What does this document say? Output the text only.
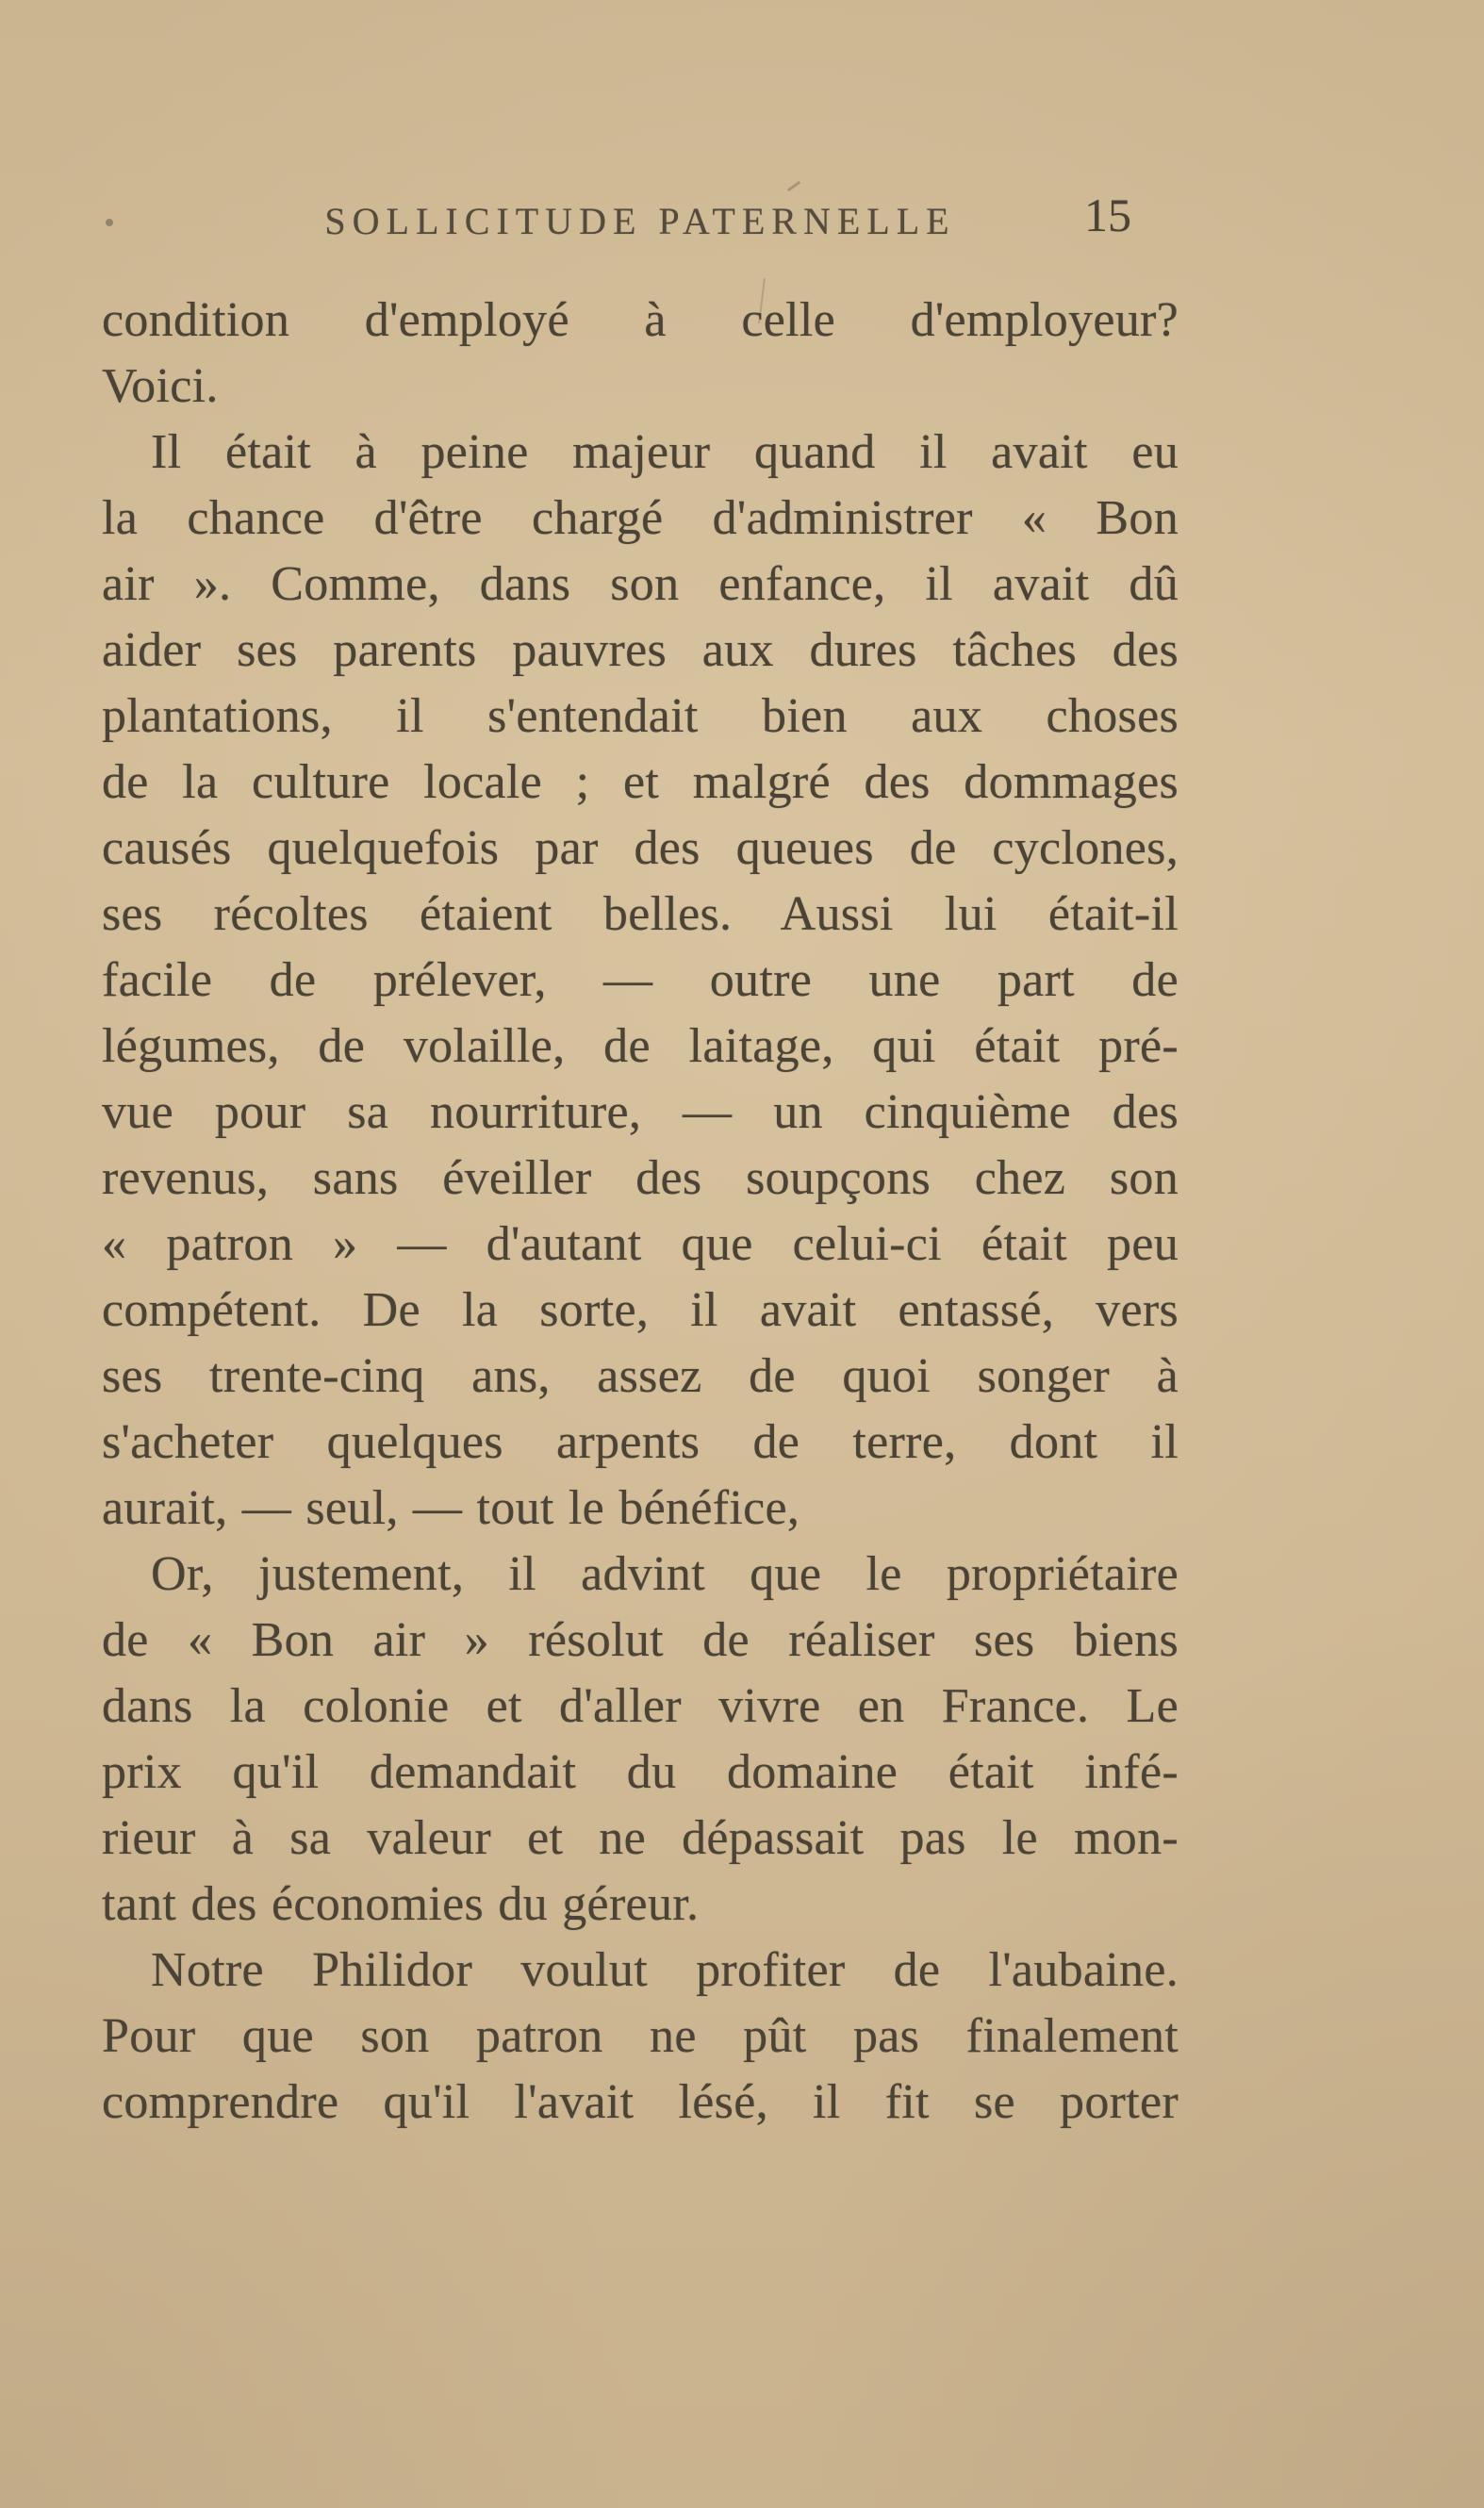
SOLLICITUDE PATERNELLE	15
condition d'employé à celle d'employeur?
Voici.
Il était à peine majeur quand il avait eu
la chance d'être chargé d'administrer « Bon
air ». Comme, dans son enfance, il avait dû
aider ses parents pauvres aux dures tâches des
plantations, il s'entendait bien aux choses
de la culture locale ; et malgré des dommages
causés quelquefois par des queues de cyclones,
ses récoltes étaient belles. Aussi lui était-il
facile de prélever, — outre une part de
légumes, de volaille, de laitage, qui était pré-
vue pour sa nourriture, — un cinquième des
revenus, sans éveiller des soupçons chez son
« patron » — d'autant que celui-ci était peu
compétent. De la sorte, il avait entassé, vers
ses trente-cinq ans, assez de quoi songer à
s'acheter quelques arpents de terre, dont il
aurait, — seul, — tout le bénéfice,
Or, justement, il advint que le propriétaire
de « Bon air » résolut de réaliser ses biens
dans la colonie et d'aller vivre en France. Le
prix qu'il demandait du domaine était infé-
rieur à sa valeur et ne dépassait pas le mon-
tant des économies du géreur.
Notre Philidor voulut profiter de l'aubaine.
Pour que son patron ne pût pas finalement
comprendre qu'il l'avait lésé, il fit se porter
